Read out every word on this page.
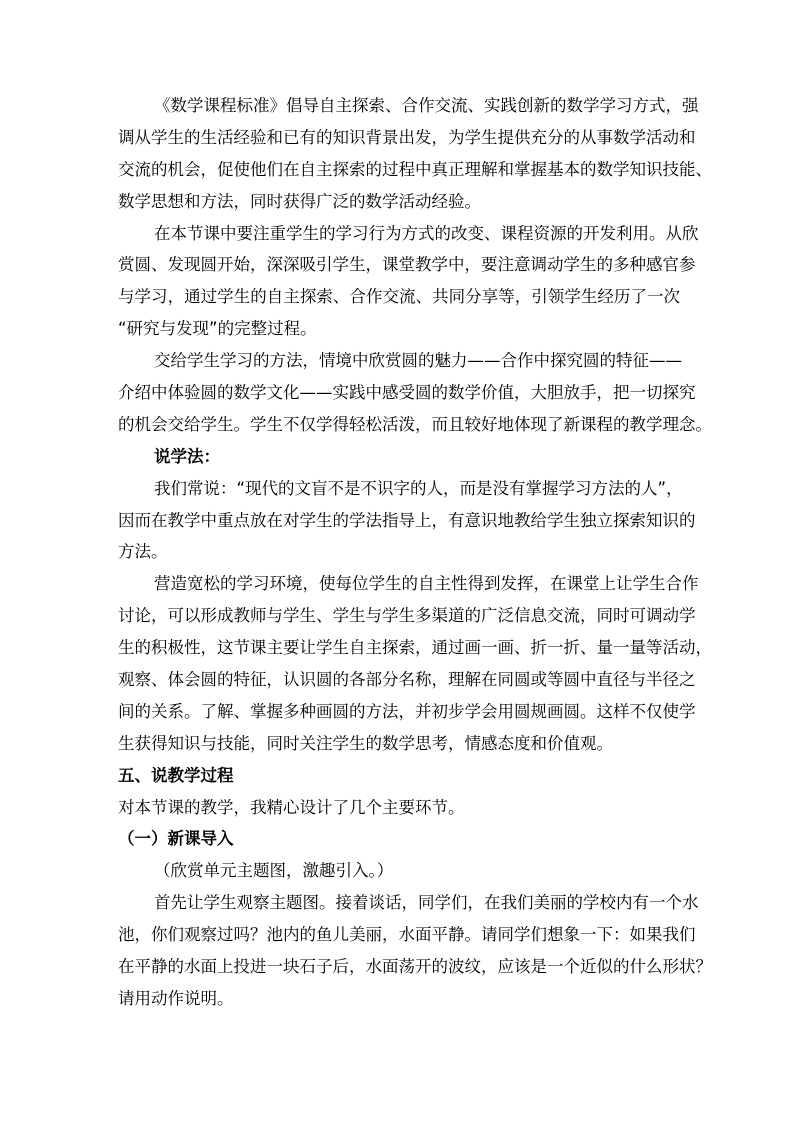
《数学课程标准》倡导自主探索、合作交流、实践创新的数学学习方式，强
调从学生的生活经验和已有的知识背景出发，为学生提供充分的从事数学活动和
交流的机会，促使他们在自主探索的过程中真正理解和掌握基本的数学知识技能、
数学思想和方法，同时获得广泛的数学活动经验。
在本节课中要注重学生的学习行为方式的改变、课程资源的开发利用。从欣
赏圆、发现圆开始，深深吸引学生，课堂教学中，要注意调动学生的多种感官参
与学习，通过学生的自主探索、合作交流、共同分享等，引领学生经历了一次
“研究与发现”的完整过程。
交给学生学习的方法，情境中欣赏圆的魅力——合作中探究圆的特征——
介绍中体验圆的数学文化——实践中感受圆的数学价值，大胆放手，把一切探究
的机会交给学生。学生不仅学得轻松活泼，而且较好地体现了新课程的教学理念。
说学法：
我们常说：“现代的文盲不是不识字的人，而是没有掌握学习方法的人”，
因而在教学中重点放在对学生的学法指导上，有意识地教给学生独立探索知识的
方法。
营造宽松的学习环境，使每位学生的自主性得到发挥，在课堂上让学生合作
讨论，可以形成教师与学生、学生与学生多渠道的广泛信息交流，同时可调动学
生的积极性，这节课主要让学生自主探索，通过画一画、折一折、量一量等活动，
观察、体会圆的特征，认识圆的各部分名称，理解在同圆或等圆中直径与半径之
间的关系。了解、掌握多种画圆的方法，并初步学会用圆规画圆。这样不仅使学
生获得知识与技能，同时关注学生的数学思考，情感态度和价值观。
五、说教学过程
对本节课的教学，我精心设计了几个主要环节。
（一）新课导入
（欣赏单元主题图，激趣引入。）
首先让学生观察主题图。接着谈话，同学们，在我们美丽的学校内有一个水
池，你们观察过吗？池内的鱼儿美丽，水面平静。请同学们想象一下：如果我们
在平静的水面上投进一块石子后，水面荡开的波纹，应该是一个近似的什么形状？
请用动作说明。
